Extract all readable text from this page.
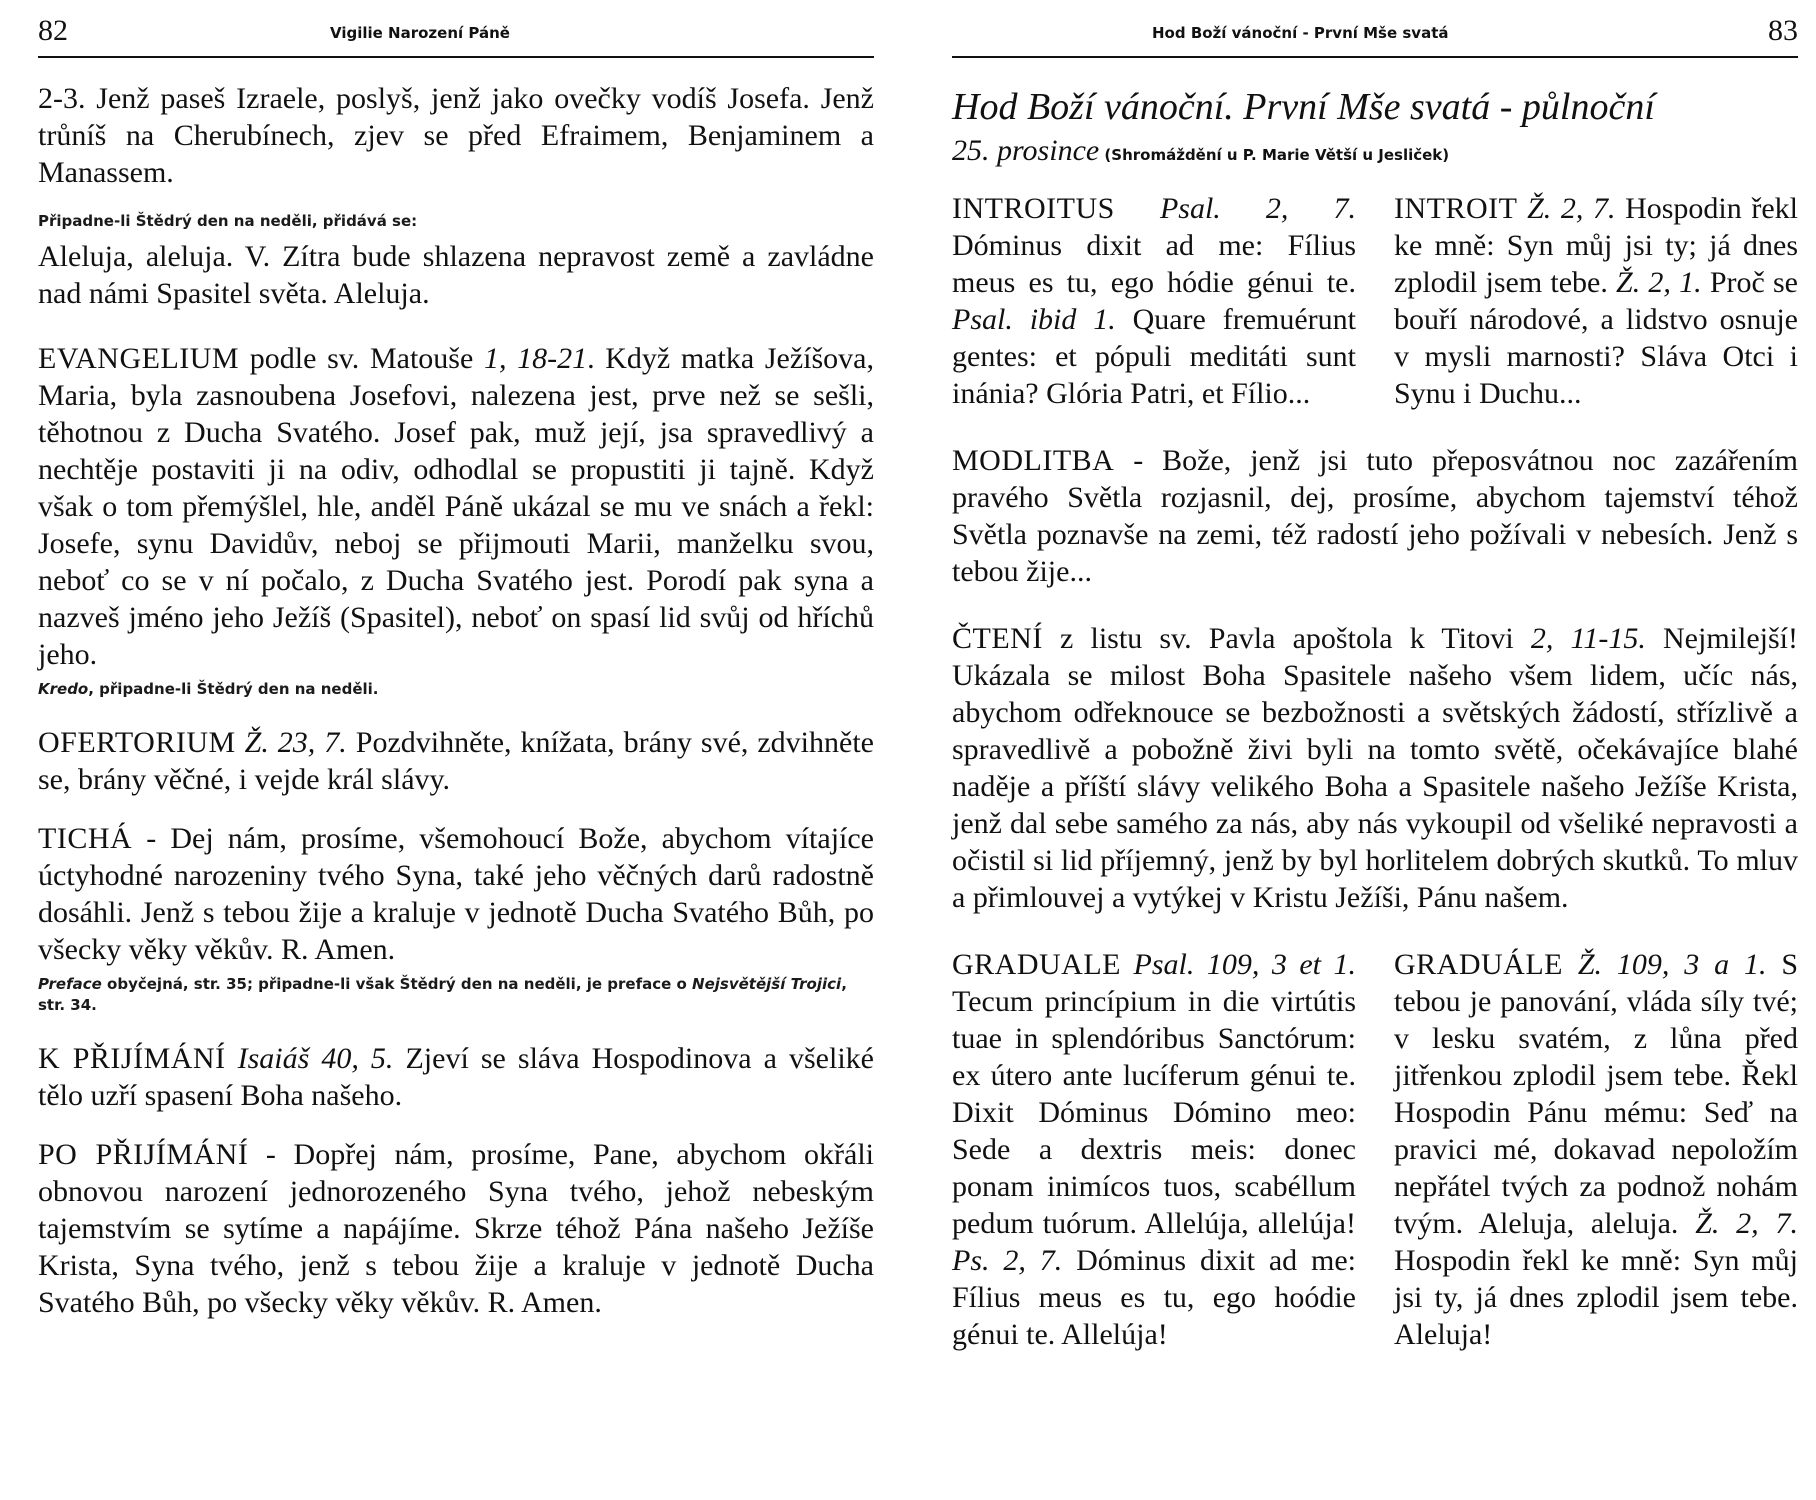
82	Vigilie Narození Páně

2-3. Jenž paseš Izraele, poslyš, jenž jako ovečky vodíš Josefa. Jenž trůníš na Cherubínech, zjev se před Efraimem, Benjaminem a Manassem.

Připadne-li Štědrý den na neděli, přidává se:

Aleluja, aleluja. V. Zítra bude shlazena nepravost země a zavládne nad námi Spasitel světa. Aleluja.

EVANGELIUM podle sv. Matouše 1, 18-21. Když matka Ježíšova, Maria, byla zasnoubena Josefovi, nalezena jest, prve než se sešli, těhotnou z Ducha Svatého. Josef pak, muž její, jsa spravedlivý a nechtěje postaviti ji na odiv, odhodlal se propustiti ji tajně. Když však o tom přemýšlel, hle, anděl Páně ukázal se mu ve snách a řekl: Josefe, synu Davidův, neboj se přijmouti Marii, manželku svou, neboť co se v ní počalo, z Ducha Svatého jest. Porodí pak syna a nazveš jméno jeho Ježíš (Spasitel), neboť on spasí lid svůj od hříchů jeho.

Kredo, připadne-li Štědrý den na neděli.

OFERTORIUM Ž. 23, 7. Pozdvihněte, knížata, brány své, zdvihněte se, brány věčné, i vejde král slávy.

TICHÁ - Dej nám, prosíme, všemohoucí Bože, abychom vítajíce úctyhodné narozeniny tvého Syna, také jeho věčných darů radostně dosáhli. Jenž s tebou žije a kraluje v jednotě Ducha Svatého Bůh, po všecky věky věkův. R. Amen.

Preface obyčejná, str. 35; připadne-li však Štědrý den na neděli, je preface o Nejsvětější Trojici, str. 34.

K PŘIJÍMÁNÍ Isaiáš 40, 5. Zjeví se sláva Hospodinova a všeliké tělo uzří spasení Boha našeho.

PO PŘIJÍMÁNÍ - Dopřej nám, prosíme, Pane, abychom okřáli obnovou narození jednorozeného Syna tvého, jehož nebeským tajemstvím se sytíme a napájíme. Skrze téhož Pána našeho Ježíše Krista, Syna tvého, jenž s tebou žije a kraluje v jednotě Ducha Svatého Bůh, po všecky věky věkův. R. Amen.

Hod Boží vánoční - První Mše svatá	83

Hod Boží vánoční. První Mše svatá - půlnoční

25. prosince (Shromáždění u P. Marie Větší u Jesliček)

INTROITUS Psal. 2, 7. Dóminus dixit ad me: Fílius meus es tu, ego hódie génui te. Psal. ibid 1. Quare fremuérunt gentes: et pópuli meditáti sunt inánia? Glória Patri, et Fílio...

INTROIT Ž. 2, 7. Hospodin řekl ke mně: Syn můj jsi ty; já dnes zplodil jsem tebe. Ž. 2, 1. Proč se bouří národové, a lidstvo osnuje v mysli marnosti? Sláva Otci i Synu i Duchu...

MODLITBA - Bože, jenž jsi tuto přeposvátnou noc zazářením pravého Světla rozjasnil, dej, prosíme, abychom tajemství téhož Světla poznavše na zemi, též radostí jeho požívali v nebesích. Jenž s tebou žije...

ČTENÍ z listu sv. Pavla apoštola k Titovi 2, 11-15. Nejmilejší! Ukázala se milost Boha Spasitele našeho všem lidem, učíc nás, abychom odřeknouce se bezbožnosti a světských žádostí, střízlivě a spravedlivě a pobožně živi byli na tomto světě, očekávajíce blahé naděje a příští slávy velikého Boha a Spasitele našeho Ježíše Krista, jenž dal sebe samého za nás, aby nás vykoupil od všeliké nepravosti a očistil si lid příjemný, jenž by byl horlitelem dobrých skutků. To mluv a přimlouvej a vytýkej v Kristu Ježíši, Pánu našem.

GRADUALE Psal. 109, 3 et 1. Tecum princípium in die virtútis tuae in splendóribus Sanctórum: ex útero ante lucíferum génui te. Dixit Dóminus Dómino meo: Sede a dextris meis: donec ponam inimícos tuos, scabéllum pedum tuórum. Allelúja, allelúja! Ps. 2, 7. Dóminus dixit ad me: Fílius meus es tu, ego hoódie génui te. Allelúja!

GRADUÁLE Ž. 109, 3 a 1. S tebou je panování, vláda síly tvé; v lesku svatém, z lůna před jitřenkou zplodil jsem tebe. Řekl Hospodin Pánu mému: Seď na pravici mé, dokavad nepoložím nepřátel tvých za podnož nohám tvým. Aleluja, aleluja. Ž. 2, 7. Hospodin řekl ke mně: Syn můj jsi ty, já dnes zplodil jsem tebe. Aleluja!
